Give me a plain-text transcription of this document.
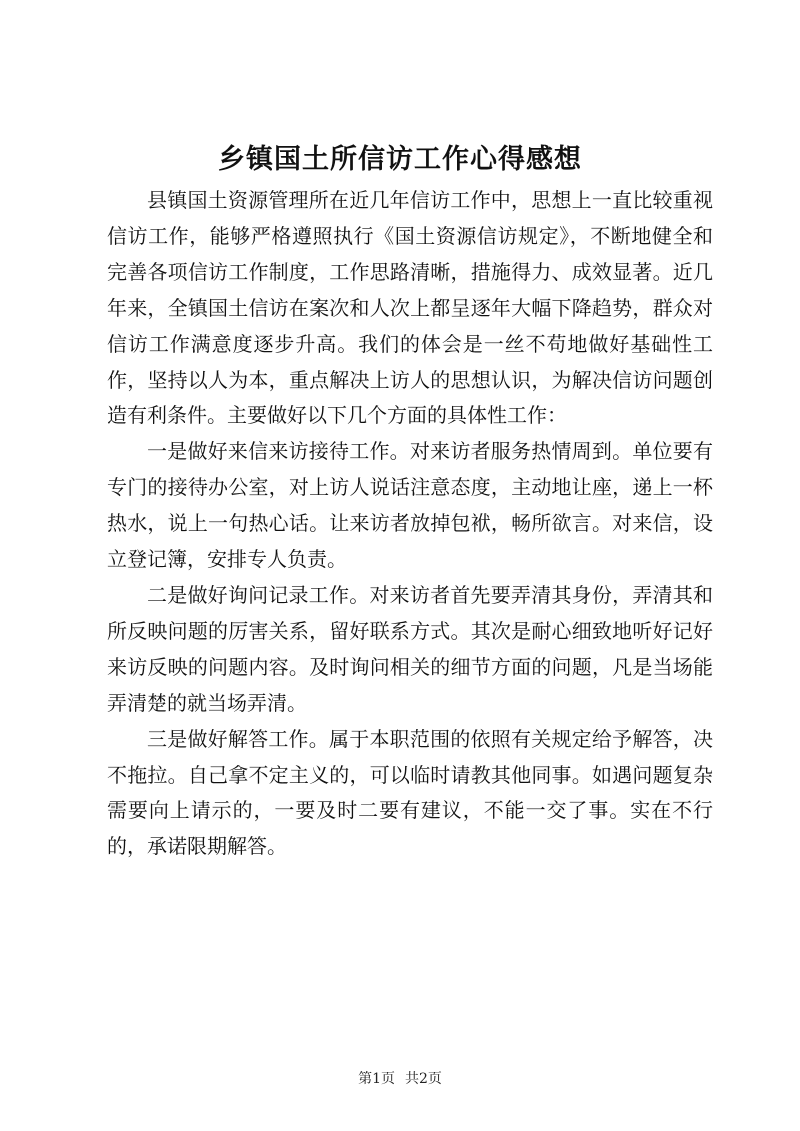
乡镇国土所信访工作心得感想

县镇国土资源管理所在近几年信访工作中，思想上一直比较重视信访工作，能够严格遵照执行《国土资源信访规定》，不断地健全和完善各项信访工作制度，工作思路清晰，措施得力、成效显著。近几年来，全镇国土信访在案次和人次上都呈逐年大幅下降趋势，群众对信访工作满意度逐步升高。我们的体会是一丝不苟地做好基础性工作，坚持以人为本，重点解决上访人的思想认识，为解决信访问题创造有利条件。主要做好以下几个方面的具体性工作：

一是做好来信来访接待工作。对来访者服务热情周到。单位要有专门的接待办公室，对上访人说话注意态度，主动地让座，递上一杯热水，说上一句热心话。让来访者放掉包袱，畅所欲言。对来信，设立登记簿，安排专人负责。

二是做好询问记录工作。对来访者首先要弄清其身份，弄清其和所反映问题的厉害关系，留好联系方式。其次是耐心细致地听好记好来访反映的问题内容。及时询问相关的细节方面的问题，凡是当场能弄清楚的就当场弄清。

三是做好解答工作。属于本职范围的依照有关规定给予解答，决不拖拉。自己拿不定主义的，可以临时请教其他同事。如遇问题复杂需要向上请示的，一要及时二要有建议，不能一交了事。实在不行的，承诺限期解答。

第1页 共2页
